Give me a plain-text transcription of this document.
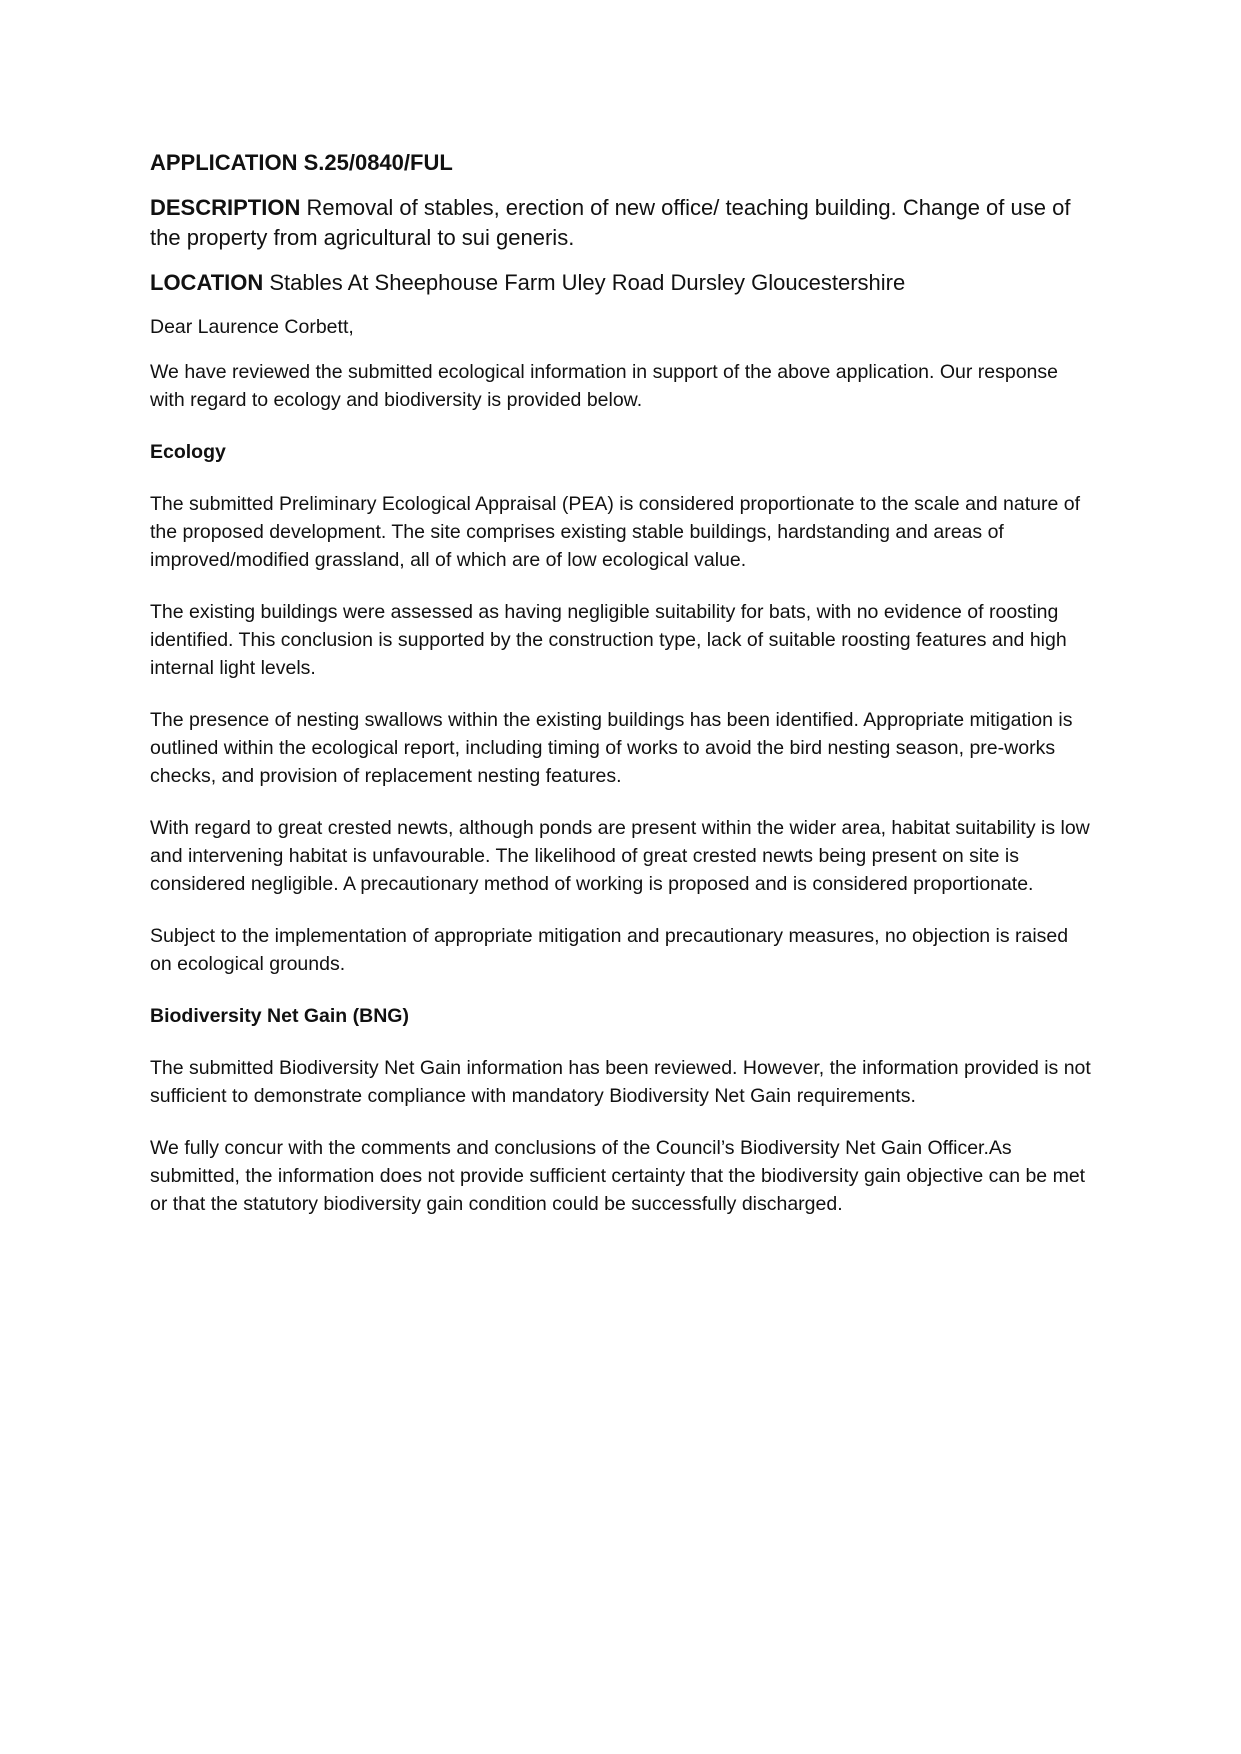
APPLICATION S.25/0840/FUL
DESCRIPTION Removal of stables, erection of new office/ teaching building. Change of use of the property from agricultural to sui generis.
LOCATION Stables At Sheephouse Farm Uley Road Dursley Gloucestershire

Dear Laurence Corbett,

We have reviewed the submitted ecological information in support of the above application. Our response with regard to ecology and biodiversity is provided below.

Ecology

The submitted Preliminary Ecological Appraisal (PEA) is considered proportionate to the scale and nature of the proposed development. The site comprises existing stable buildings, hardstanding and areas of improved/modified grassland, all of which are of low ecological value.

The existing buildings were assessed as having negligible suitability for bats, with no evidence of roosting identified. This conclusion is supported by the construction type, lack of suitable roosting features and high internal light levels.

The presence of nesting swallows within the existing buildings has been identified. Appropriate mitigation is outlined within the ecological report, including timing of works to avoid the bird nesting season, pre-works checks, and provision of replacement nesting features.

With regard to great crested newts, although ponds are present within the wider area, habitat suitability is low and intervening habitat is unfavourable. The likelihood of great crested newts being present on site is considered negligible. A precautionary method of working is proposed and is considered proportionate.

Subject to the implementation of appropriate mitigation and precautionary measures, no objection is raised on ecological grounds.

Biodiversity Net Gain (BNG)

The submitted Biodiversity Net Gain information has been reviewed. However, the information provided is not sufficient to demonstrate compliance with mandatory Biodiversity Net Gain requirements.

We fully concur with the comments and conclusions of the Council’s Biodiversity Net Gain Officer.As submitted, the information does not provide sufficient certainty that the biodiversity gain objective can be met or that the statutory biodiversity gain condition could be successfully discharged.
